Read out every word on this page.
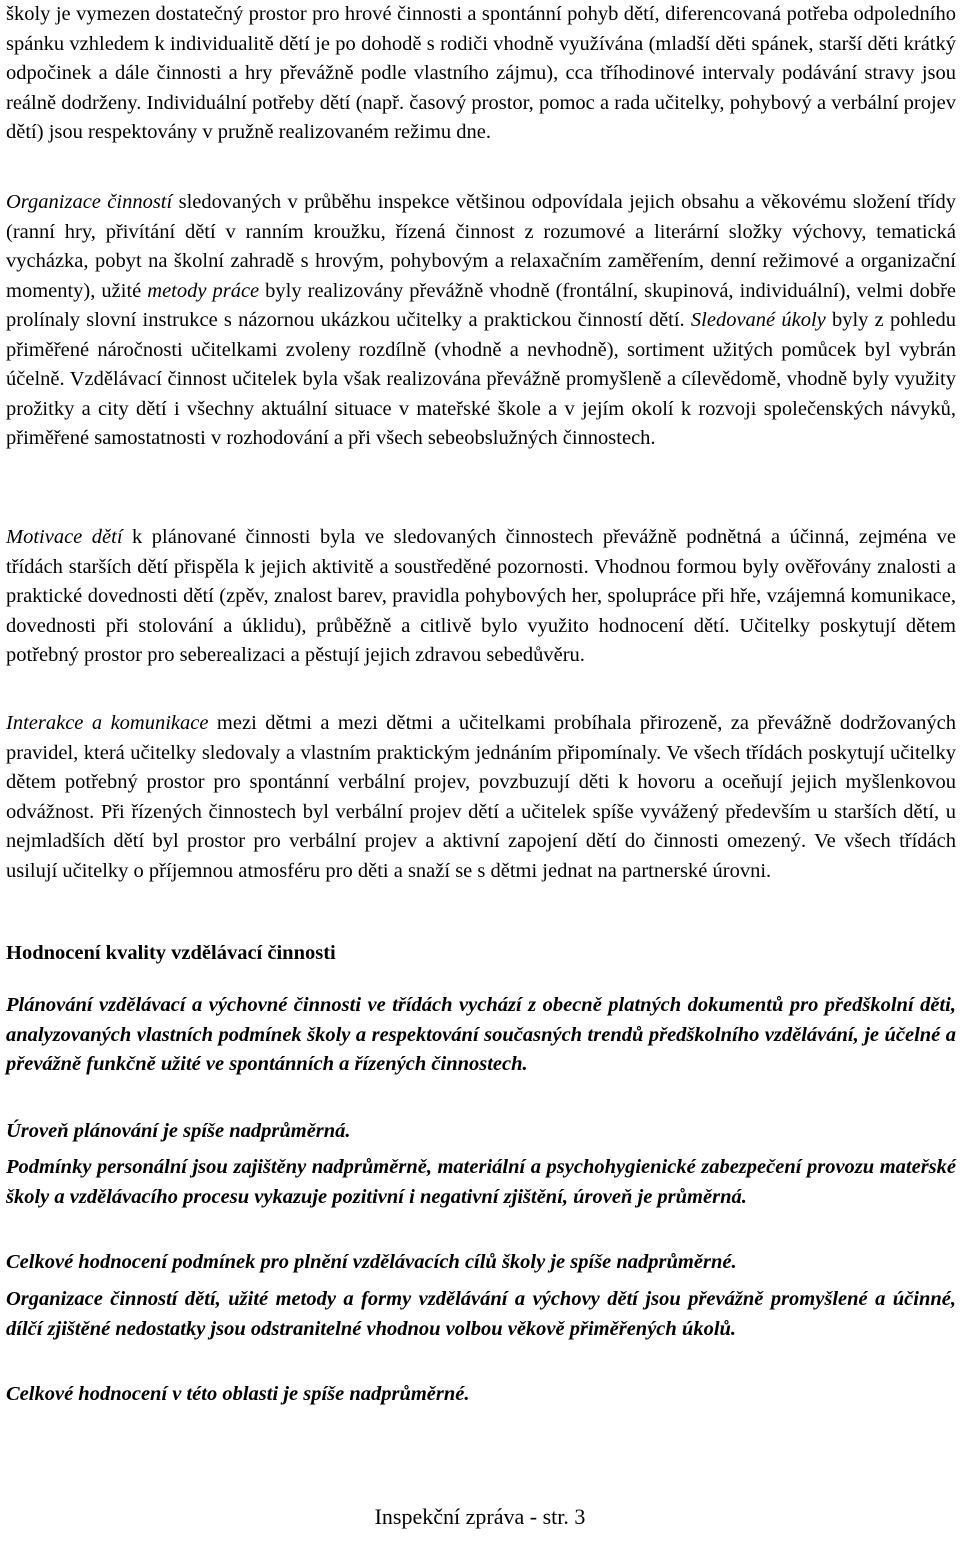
školy je vymezen dostatečný prostor pro hrové činnosti a spontánní pohyb dětí, diferencovaná potřeba odpoledního spánku vzhledem k individualitě dětí je po dohodě s rodiči vhodně využívána (mladší děti spánek, starší děti krátký odpočinek a dále činnosti a hry převážně podle vlastního zájmu), cca tříhodinové intervaly podávání stravy jsou reálně dodrženy. Individuální potřeby dětí (např. časový prostor, pomoc a rada učitelky, pohybový a verbální projev dětí) jsou respektovány v pružně realizovaném režimu dne.

Organizace činností sledovaných v průběhu inspekce většinou odpovídala jejich obsahu a věkovému složení třídy (ranní hry, přivítání dětí v ranním kroužku, řízená činnost z rozumové a literární složky výchovy, tematická vycházka, pobyt na školní zahradě s hrovým, pohybovým a relaxačním zaměřením, denní režimové a organizační momenty), užité metody práce byly realizovány převážně vhodně (frontální, skupinová, individuální), velmi dobře prolínaly slovní instrukce s názornou ukázkou učitelky a praktickou činností dětí. Sledované úkoly byly z pohledu přiměřené náročnosti učitelkami zvoleny rozdílně (vhodně a nevhodně), sortiment užitých pomůcek byl vybrán účelně. Vzdělávací činnost učitelek byla však realizována převážně promyšleně a cílevědomě, vhodně byly využity prožitky a city dětí i všechny aktuální situace v mateřské škole a v jejím okolí k rozvoji společenských návyků, přiměřené samostatnosti v rozhodování a při všech sebeobslužných činnostech.

Motivace dětí k plánované činnosti byla ve sledovaných činnostech převážně podnětná a účinná, zejména ve třídách starších dětí přispěla k jejich aktivitě a soustředěné pozornosti. Vhodnou formou byly ověřovány znalosti a praktické dovednosti dětí (zpěv, znalost barev, pravidla pohybových her, spolupráce při hře, vzájemná komunikace, dovednosti při stolování a úklidu), průběžně a citlivě bylo využito hodnocení dětí. Učitelky poskytují dětem potřebný prostor pro seberealizaci a pěstují jejich zdravou sebedůvěru.

Interakce a komunikace mezi dětmi a mezi dětmi a učitelkami probíhala přirozeně, za převážně dodržovaných pravidel, která učitelky sledovaly a vlastním praktickým jednáním připomínaly. Ve všech třídách poskytují učitelky dětem potřebný prostor pro spontánní verbální projev, povzbuzují děti k hovoru a oceňují jejich myšlenkovou odvážnost. Při řízených činnostech byl verbální projev dětí a učitelek spíše vyvážený především u starších dětí, u nejmladších dětí byl prostor pro verbální projev a aktivní zapojení dětí do činnosti omezený. Ve všech třídách usilují učitelky o příjemnou atmosféru pro děti a snaží se s dětmi jednat na partnerské úrovni.

Hodnocení kvality vzdělávací činnosti

Plánování vzdělávací a výchovné činnosti ve třídách vychází z obecně platných dokumentů pro předškolní děti, analyzovaných vlastních podmínek školy a respektování současných trendů předškolního vzdělávání, je účelné a převážně funkčně užité ve spontánních a řízených činnostech.

Úroveň plánování je spíše nadprůměrná.

Podmínky personální jsou zajištěny nadprůměrně, materiální a psychohygienické zabezpečení provozu mateřské školy a vzdělávacího procesu vykazuje pozitivní i negativní zjištění, úroveň je průměrná.

Celkové hodnocení podmínek pro plnění vzdělávacích cílů školy je spíše nadprůměrné.

Organizace činností dětí, užité metody a formy vzdělávání a výchovy dětí jsou převážně promyšlené a účinné, dílčí zjištěné nedostatky jsou odstranitelné vhodnou volbou věkově přiměřených úkolů.

Celkové hodnocení v této oblasti je spíše nadprůměrné.

Inspekční zpráva - str. 3
